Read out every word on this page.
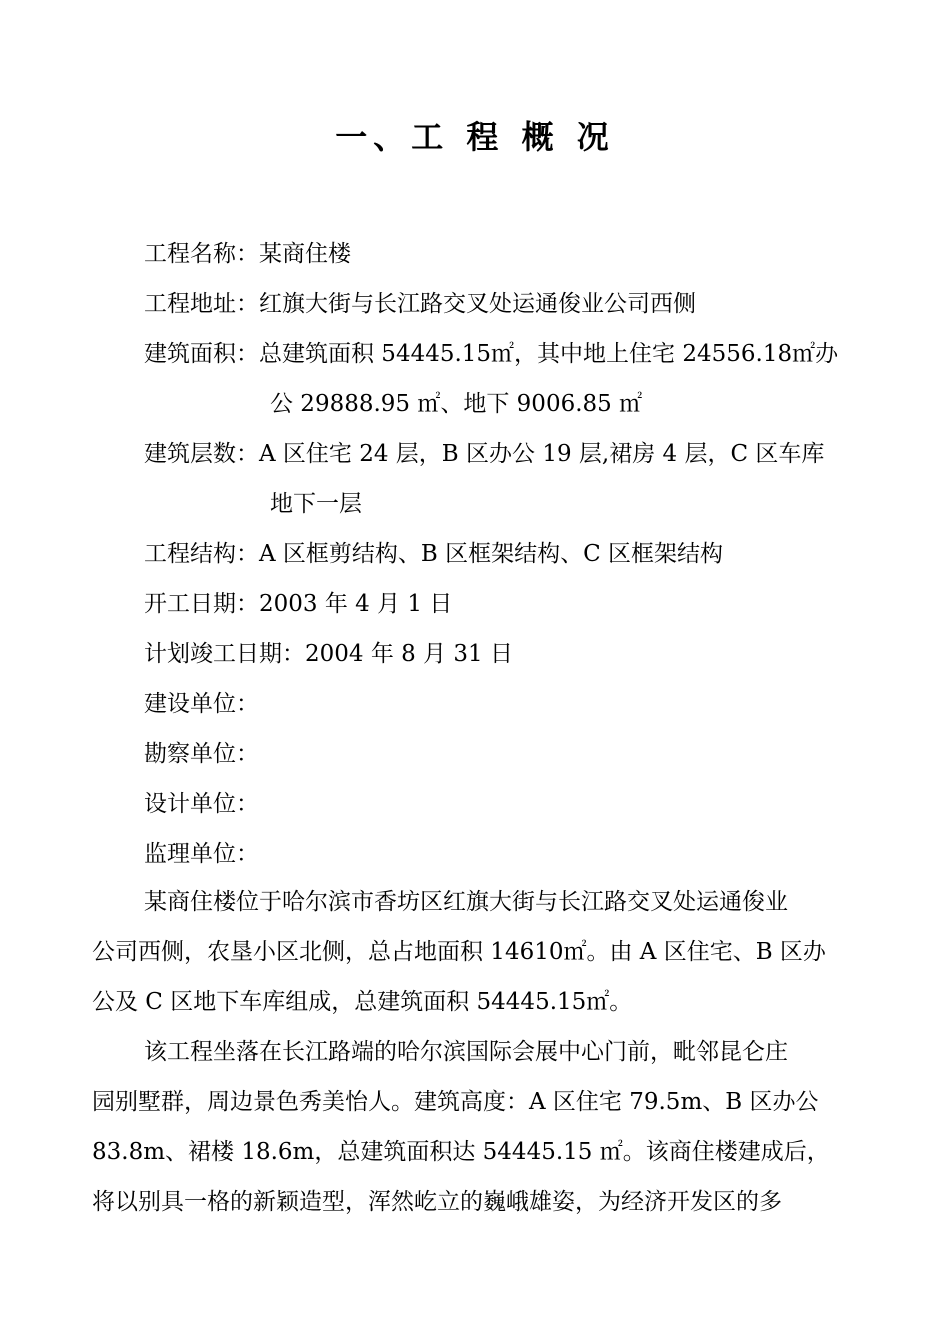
一、工 程 概 况
工程名称：某商住楼
工程地址：红旗大街与长江路交叉处运通俊业公司西侧
建筑面积：总建筑面积 54445.15㎡，其中地上住宅 24556.18㎡办
公 29888.95 ㎡、地下 9006.85 ㎡
建筑层数：A 区住宅 24 层，B 区办公 19 层,裙房 4 层，C 区车库
地下一层
工程结构：A 区框剪结构、B 区框架结构、C 区框架结构
开工日期：2003 年 4 月 1 日
计划竣工日期：2004 年 8 月 31 日
建设单位：
勘察单位：
设计单位：
监理单位：
某商住楼位于哈尔滨市香坊区红旗大街与长江路交叉处运通俊业
公司西侧，农垦小区北侧，总占地面积 14610㎡。由 A 区住宅、B 区办
公及 C 区地下车库组成，总建筑面积 54445.15㎡。
该工程坐落在长江路端的哈尔滨国际会展中心门前，毗邻昆仑庄
园别墅群，周边景色秀美怡人。建筑高度：A 区住宅 79.5m、B 区办公
83.8m、裙楼 18.6m，总建筑面积达 54445.15 ㎡。该商住楼建成后，
将以别具一格的新颖造型，浑然屹立的巍峨雄姿，为经济开发区的多
